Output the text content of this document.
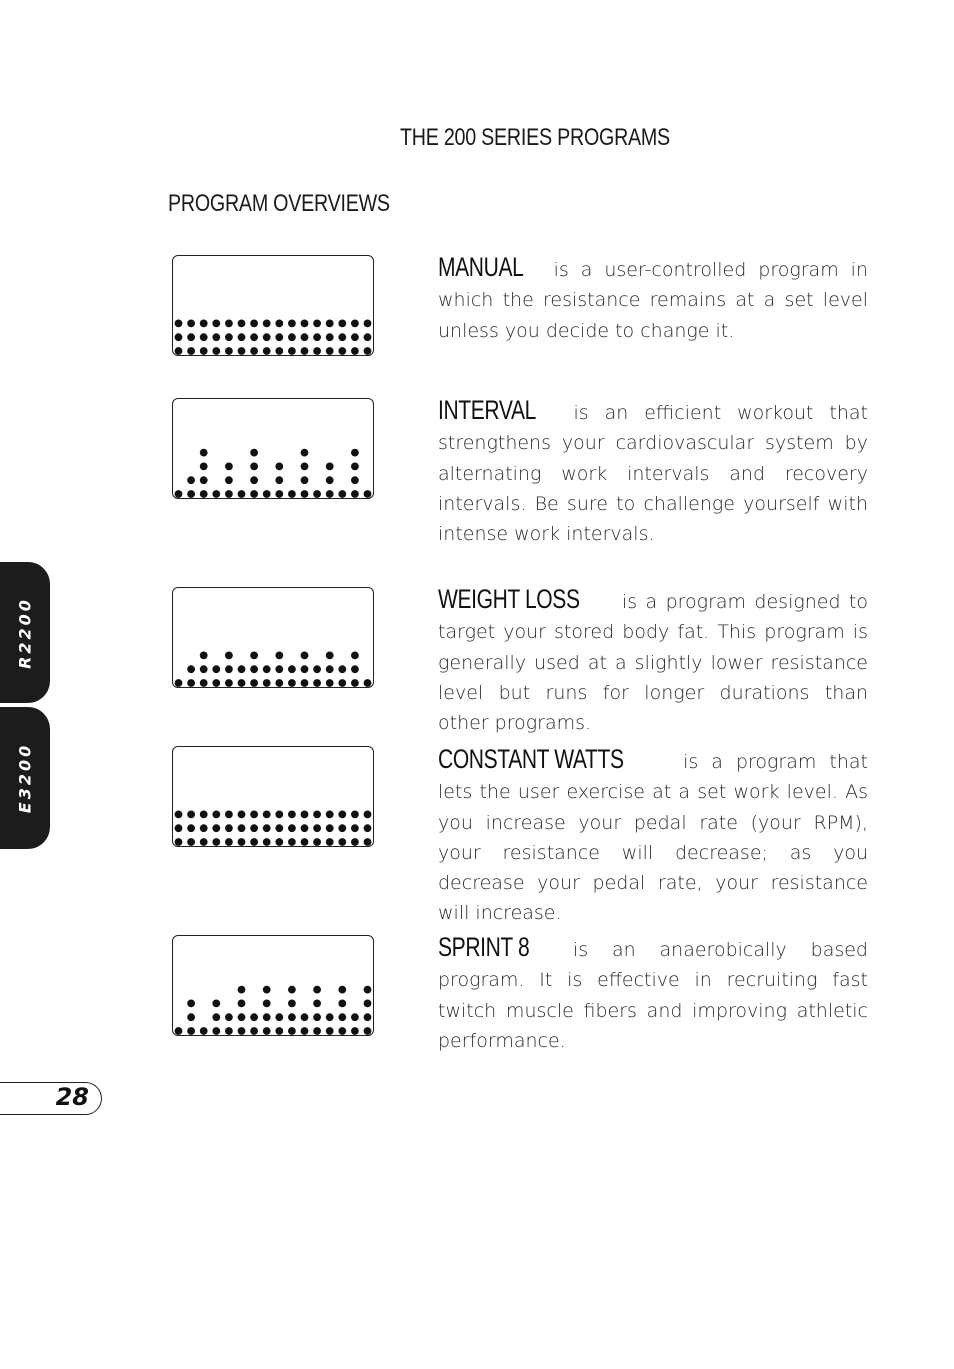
THE 200 SERIES PROGRAMS
PROGRAM OVERVIEWS
MANUAL is a user-controlled program in which the resistance remains at a set level unless you decide to change it.
INTERVAL is an efficient workout that strengthens your cardiovascular system by alternating work intervals and recovery intervals. Be sure to challenge yourself with intense work intervals.
WEIGHT LOSS is a program designed to target your stored body fat. This program is generally used at a slightly lower resistance level but runs for longer durations than other programs.
CONSTANT WATTS	is a program that lets the user exercise at a set work level. As you increase your pedal rate (your RPM), your resistance will decrease; as you decrease your pedal rate, your resistance will increase.
SPRINT 8 is an anaerobically based program. It is effective in recruiting fast twitch muscle fibers and improving athletic performance.
R2200
E3200
28
